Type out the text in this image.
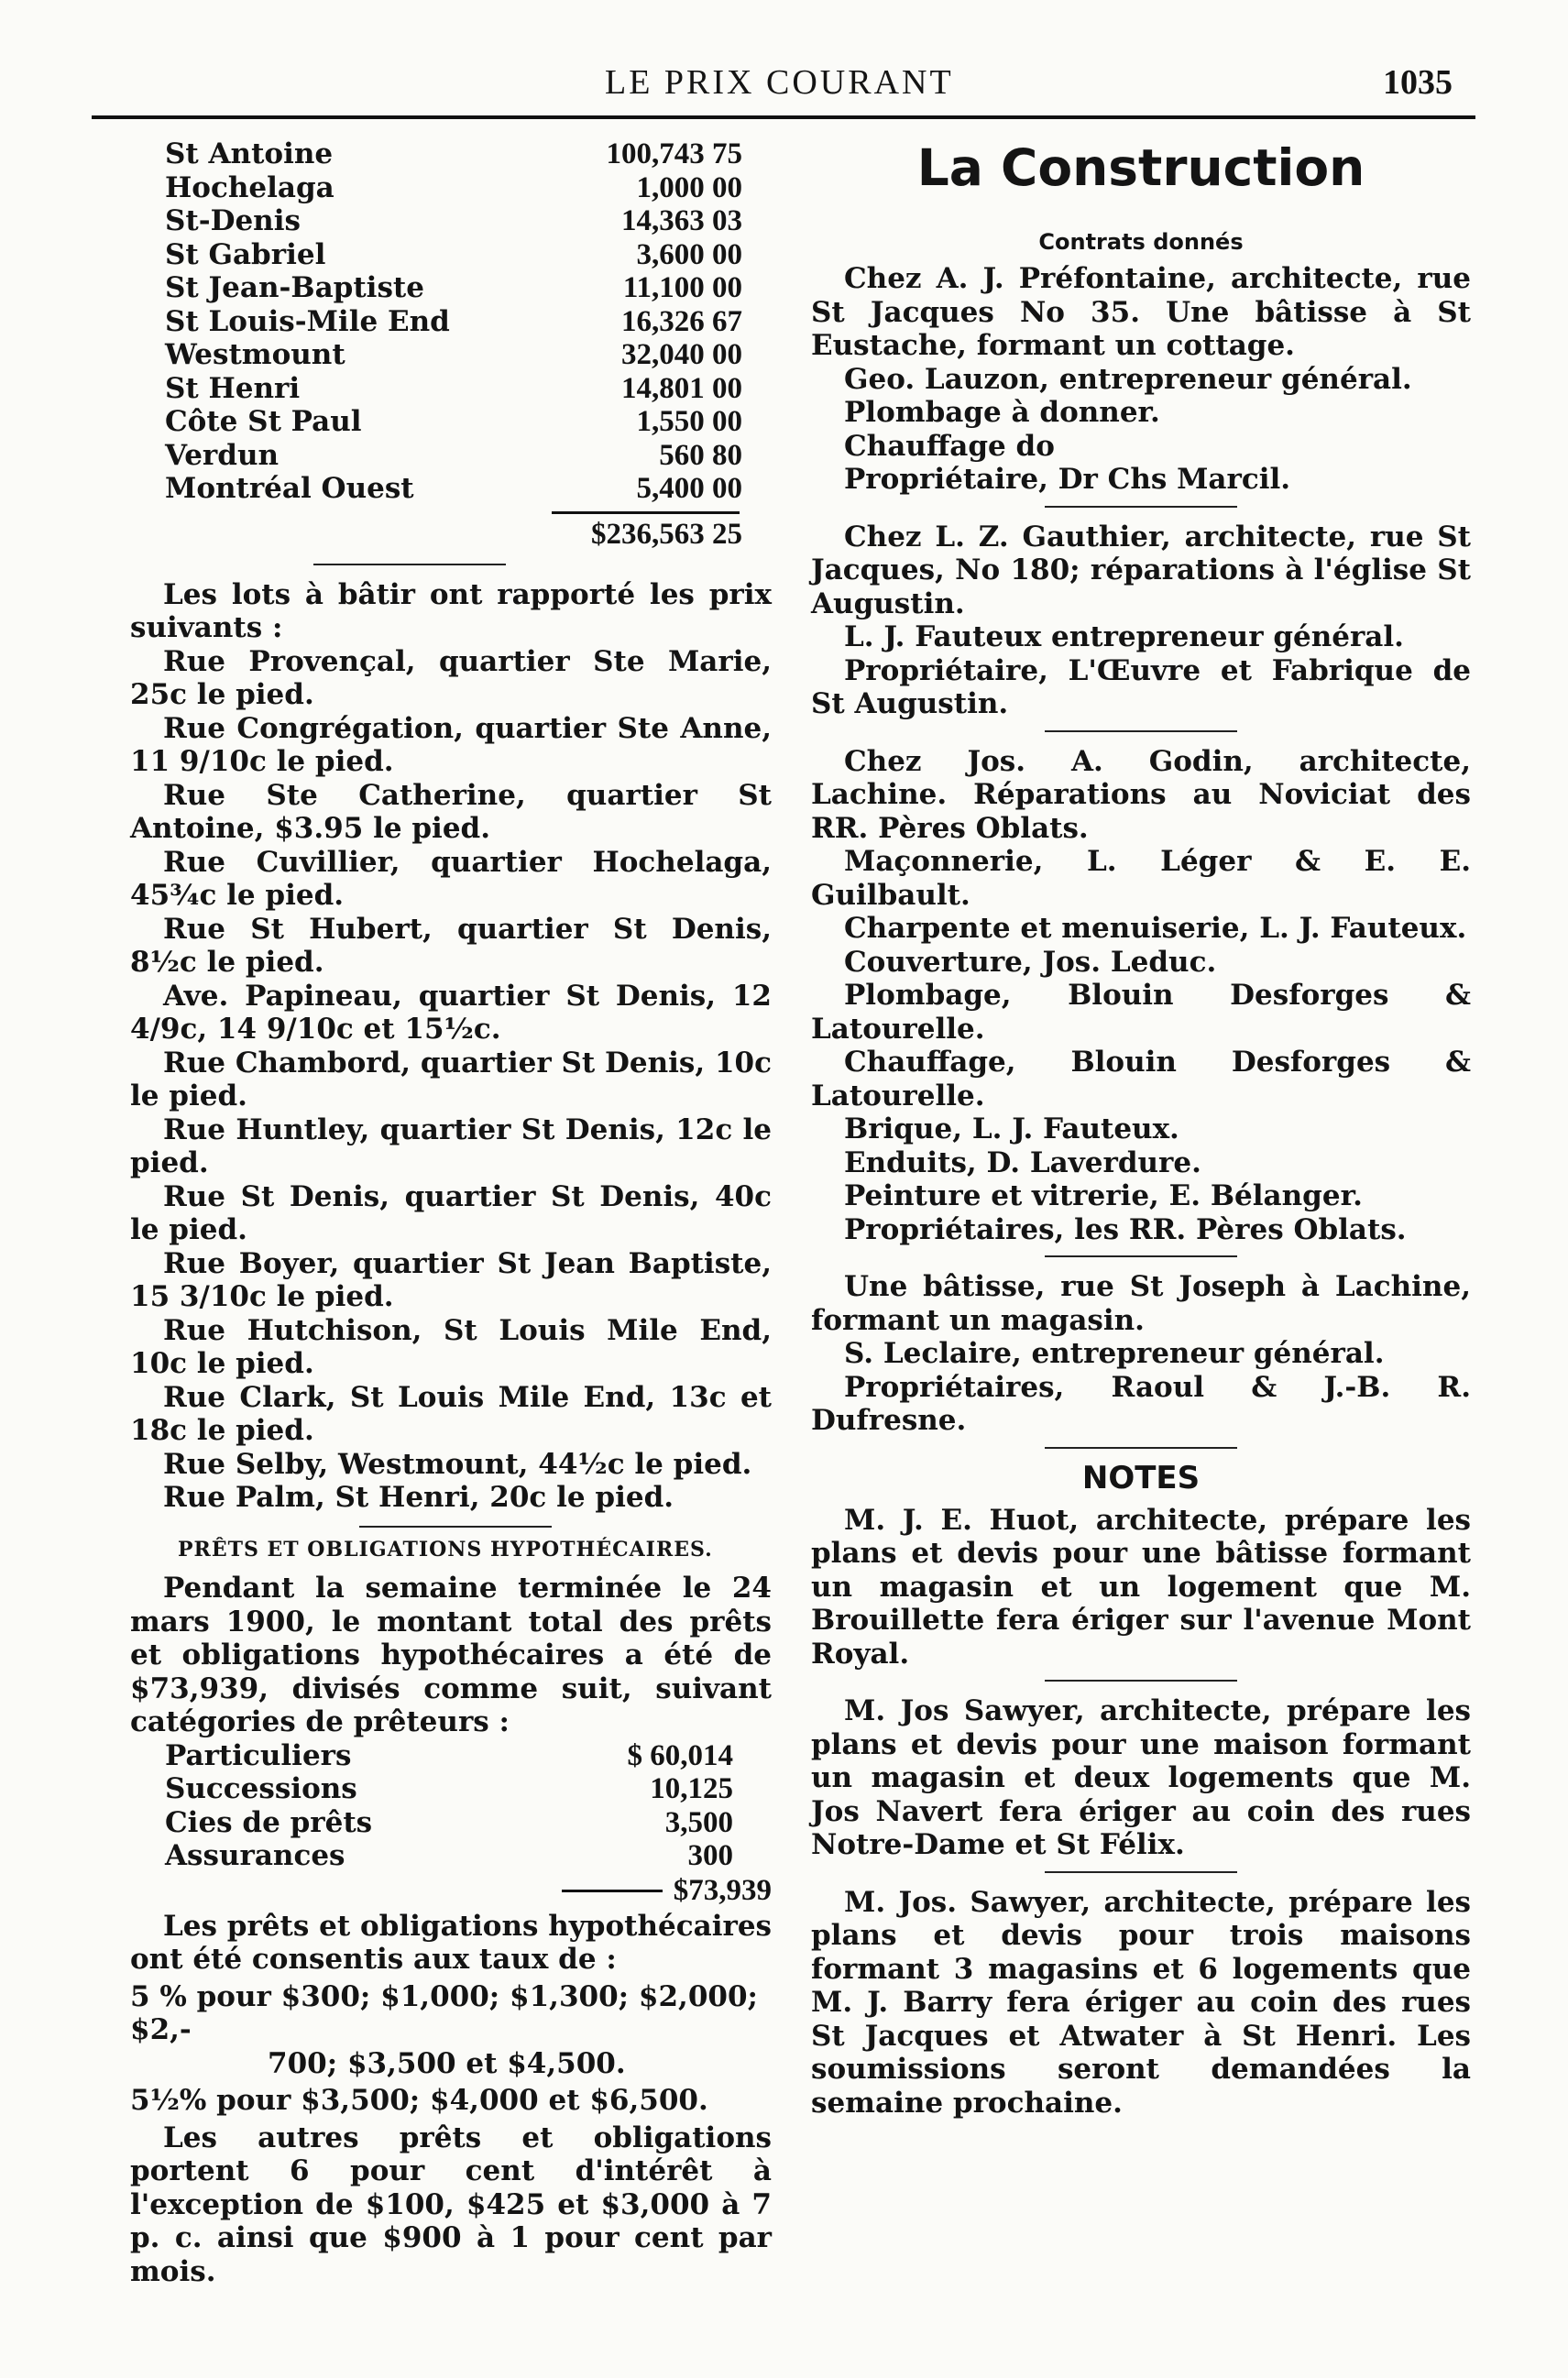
LE PRIX COURANT	1035
St Antoine	100,743 75
Hochelaga	1,000 00
St-Denis	14,363 03
St Gabriel	3,600 00
St Jean-Baptiste	11,100 00
St Louis-Mile End	16,326 67
Westmount	32,040 00
St Henri	14,801 00
Côte St Paul	1,550 00
Verdun	560 80
Montréal Ouest	5,400 00
$236,563 25

Les lots à bâtir ont rapporté les prix suivants :

Rue Provençal, quartier Ste Marie, 25c le pied.

Rue Congrégation, quartier Ste Anne, 11 9/10c le pied.

Rue Ste Catherine, quartier St Antoine, $3.95 le pied.

Rue Cuvillier, quartier Hochelaga, 45¾c le pied.

Rue St Hubert, quartier St Denis, 8½c le pied.

Ave. Papineau, quartier St Denis, 12 4/9c, 14 9/10c et 15½c.

Rue Chambord, quartier St Denis, 10c le pied.

Rue Huntley, quartier St Denis, 12c le pied.

Rue St Denis, quartier St Denis, 40c le pied.

Rue Boyer, quartier St Jean Baptiste, 15 3/10c le pied.

Rue Hutchison, St Louis Mile End, 10c le pied.

Rue Clark, St Louis Mile End, 13c et 18c le pied.

Rue Selby, Westmount, 44½c le pied.

Rue Palm, St Henri, 20c le pied.

PRÊTS ET OBLIGATIONS HYPOTHÉCAIRES.

Pendant la semaine terminée le 24 mars 1900, le montant total des prêts et obligations hypothécaires a été de $73,939, divisés comme suit, suivant catégories de prêteurs :

Particuliers	$ 60,014
Successions	10,125
Cies de prêts	3,500
Assurances	300
$73,939

Les prêts et obligations hypothécaires ont été consentis aux taux de :

5 % pour $300; $1,000; $1,300; $2,000; $2,-
700; $3,500 et $4,500.
5½% pour $3,500; $4,000 et $6,500.

Les autres prêts et obligations portent 6 pour cent d'intérêt à l'exception de $100, $425 et $3,000 à 7 p. c. ainsi que $900 à 1 pour cent par mois.

La Construction
Contrats donnés

Chez A. J. Préfontaine, architecte, rue St Jacques No 35. Une bâtisse à St Eustache, formant un cottage.

Geo. Lauzon, entrepreneur général.

Plombage à donner.

Chauffage do

Propriétaire, Dr Chs Marcil.

Chez L. Z. Gauthier, architecte, rue St Jacques, No 180; réparations à l'église St Augustin.

L. J. Fauteux entrepreneur général.

Propriétaire, L'Œuvre et Fabrique de St Augustin.

Chez Jos. A. Godin, architecte, Lachine. Réparations au Noviciat des RR. Pères Oblats.

Maçonnerie, L. Léger & E. E. Guilbault.

Charpente et menuiserie, L. J. Fauteux.

Couverture, Jos. Leduc.

Plombage, Blouin Desforges & Latourelle.

Chauffage, Blouin Desforges & Latourelle.

Brique, L. J. Fauteux.

Enduits, D. Laverdure.

Peinture et vitrerie, E. Bélanger.

Propriétaires, les RR. Pères Oblats.

Une bâtisse, rue St Joseph à Lachine, formant un magasin.

S. Leclaire, entrepreneur général.

Propriétaires, Raoul & J.-B. R. Dufresne.

NOTES

M. J. E. Huot, architecte, prépare les plans et devis pour une bâtisse formant un magasin et un logement que M. Brouillette fera ériger sur l'avenue Mont Royal.

M. Jos Sawyer, architecte, prépare les plans et devis pour une maison formant un magasin et deux logements que M. Jos Navert fera ériger au coin des rues Notre-Dame et St Félix.

M. Jos. Sawyer, architecte, prépare les plans et devis pour trois maisons formant 3 magasins et 6 logements que M. J. Barry fera ériger au coin des rues St Jacques et Atwater à St Henri. Les soumissions seront demandées la semaine prochaine.
